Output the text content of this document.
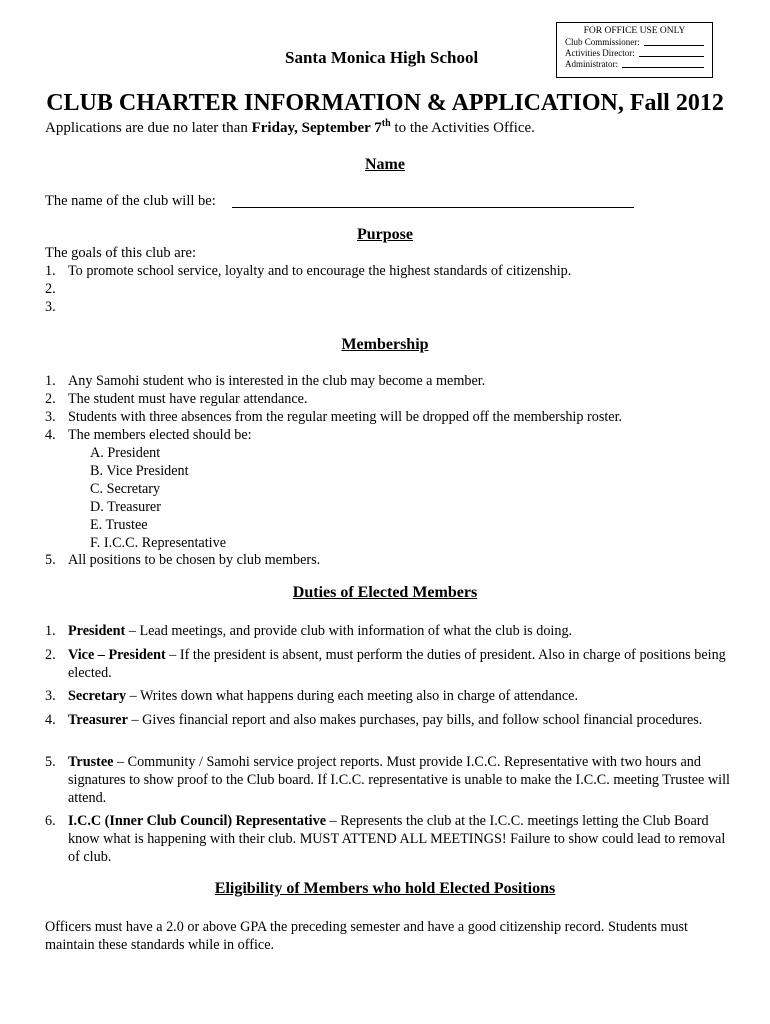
Santa Monica High School
FOR OFFICE USE ONLY
Club Commissioner:
Activities Director:
Administrator:
CLUB CHARTER INFORMATION & APPLICATION, Fall 2012
Applications are due no later than Friday, September 7th to the Activities Office.
Name
The name of the club will be:
Purpose
The goals of this club are:
1. To promote school service, loyalty and to encourage the highest standards of citizenship.
2.
3.
Membership
1. Any Samohi student who is interested in the club may become a member.
2. The student must have regular attendance.
3. Students with three absences from the regular meeting will be dropped off the membership roster.
4. The members elected should be:
A. President
B. Vice President
C. Secretary
D. Treasurer
E. Trustee
F. I.C.C. Representative
5. All positions to be chosen by club members.
Duties of Elected Members
1. President – Lead meetings, and provide club with information of what the club is doing.
2. Vice – President – If the president is absent, must perform the duties of president. Also in charge of positions being elected.
3. Secretary – Writes down what happens during each meeting also in charge of attendance.
4. Treasurer – Gives financial report and also makes purchases, pay bills, and follow school financial procedures.
5. Trustee – Community / Samohi service project reports. Must provide I.C.C. Representative with two hours and signatures to show proof to the Club board. If I.C.C. representative is unable to make the I.C.C. meeting Trustee will attend.
6. I.C.C (Inner Club Council) Representative – Represents the club at the I.C.C. meetings letting the Club Board know what is happening with their club. MUST ATTEND ALL MEETINGS! Failure to show could lead to removal of club.
Eligibility of Members who hold Elected Positions
Officers must have a 2.0 or above GPA the preceding semester and have a good citizenship record. Students must maintain these standards while in office.
